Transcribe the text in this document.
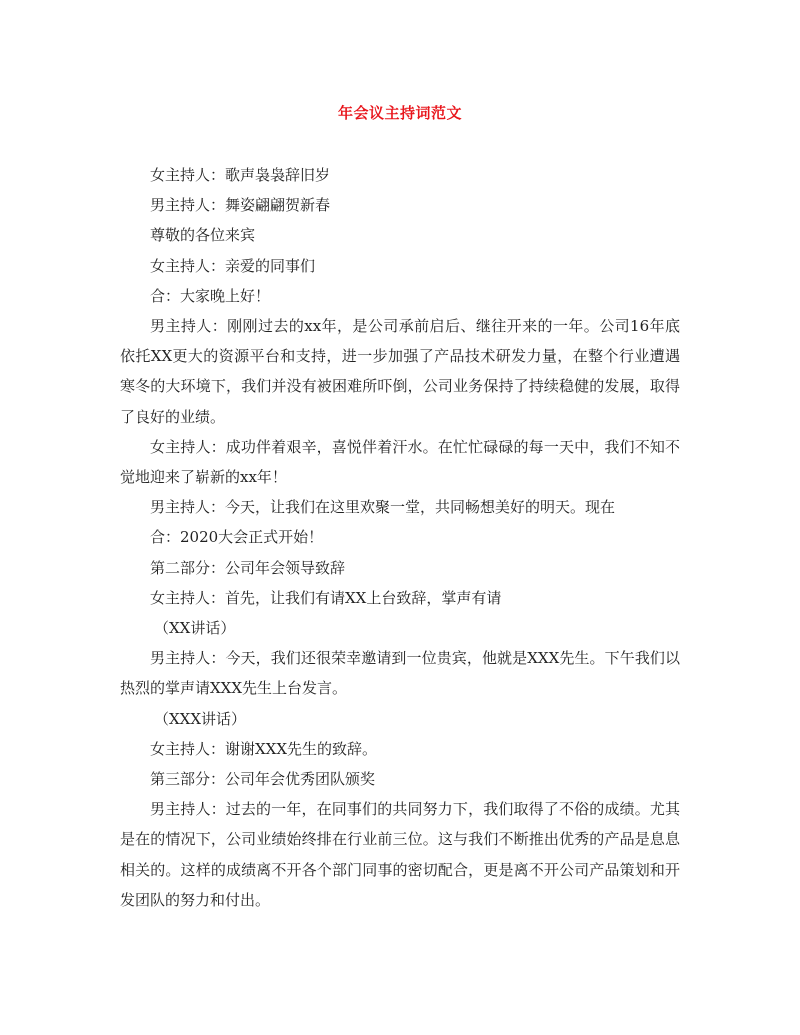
年会议主持词范文

女主持人：歌声袅袅辞旧岁

男主持人：舞姿翩翩贺新春

尊敬的各位来宾

女主持人：亲爱的同事们

合：大家晚上好！

男主持人：刚刚过去的xx年，是公司承前启后、继往开来的一年。公司16年底依托XX更大的资源平台和支持，进一步加强了产品技术研发力量，在整个行业遭遇寒冬的大环境下，我们并没有被困难所吓倒，公司业务保持了持续稳健的发展，取得了良好的业绩。

女主持人：成功伴着艰辛，喜悦伴着汗水。在忙忙碌碌的每一天中，我们不知不觉地迎来了崭新的xx年！

男主持人：今天，让我们在这里欢聚一堂，共同畅想美好的明天。现在

合：2020大会正式开始！

第二部分：公司年会领导致辞

女主持人：首先，让我们有请XX上台致辞，掌声有请

（XX讲话）

男主持人：今天，我们还很荣幸邀请到一位贵宾，他就是XXX先生。下午我们以热烈的掌声请XXX先生上台发言。

（XXX讲话）

女主持人：谢谢XXX先生的致辞。

第三部分：公司年会优秀团队颁奖

男主持人：过去的一年，在同事们的共同努力下，我们取得了不俗的成绩。尤其是在的情况下，公司业绩始终排在行业前三位。这与我们不断推出优秀的产品是息息相关的。这样的成绩离不开各个部门同事的密切配合，更是离不开公司产品策划和开发团队的努力和付出。
